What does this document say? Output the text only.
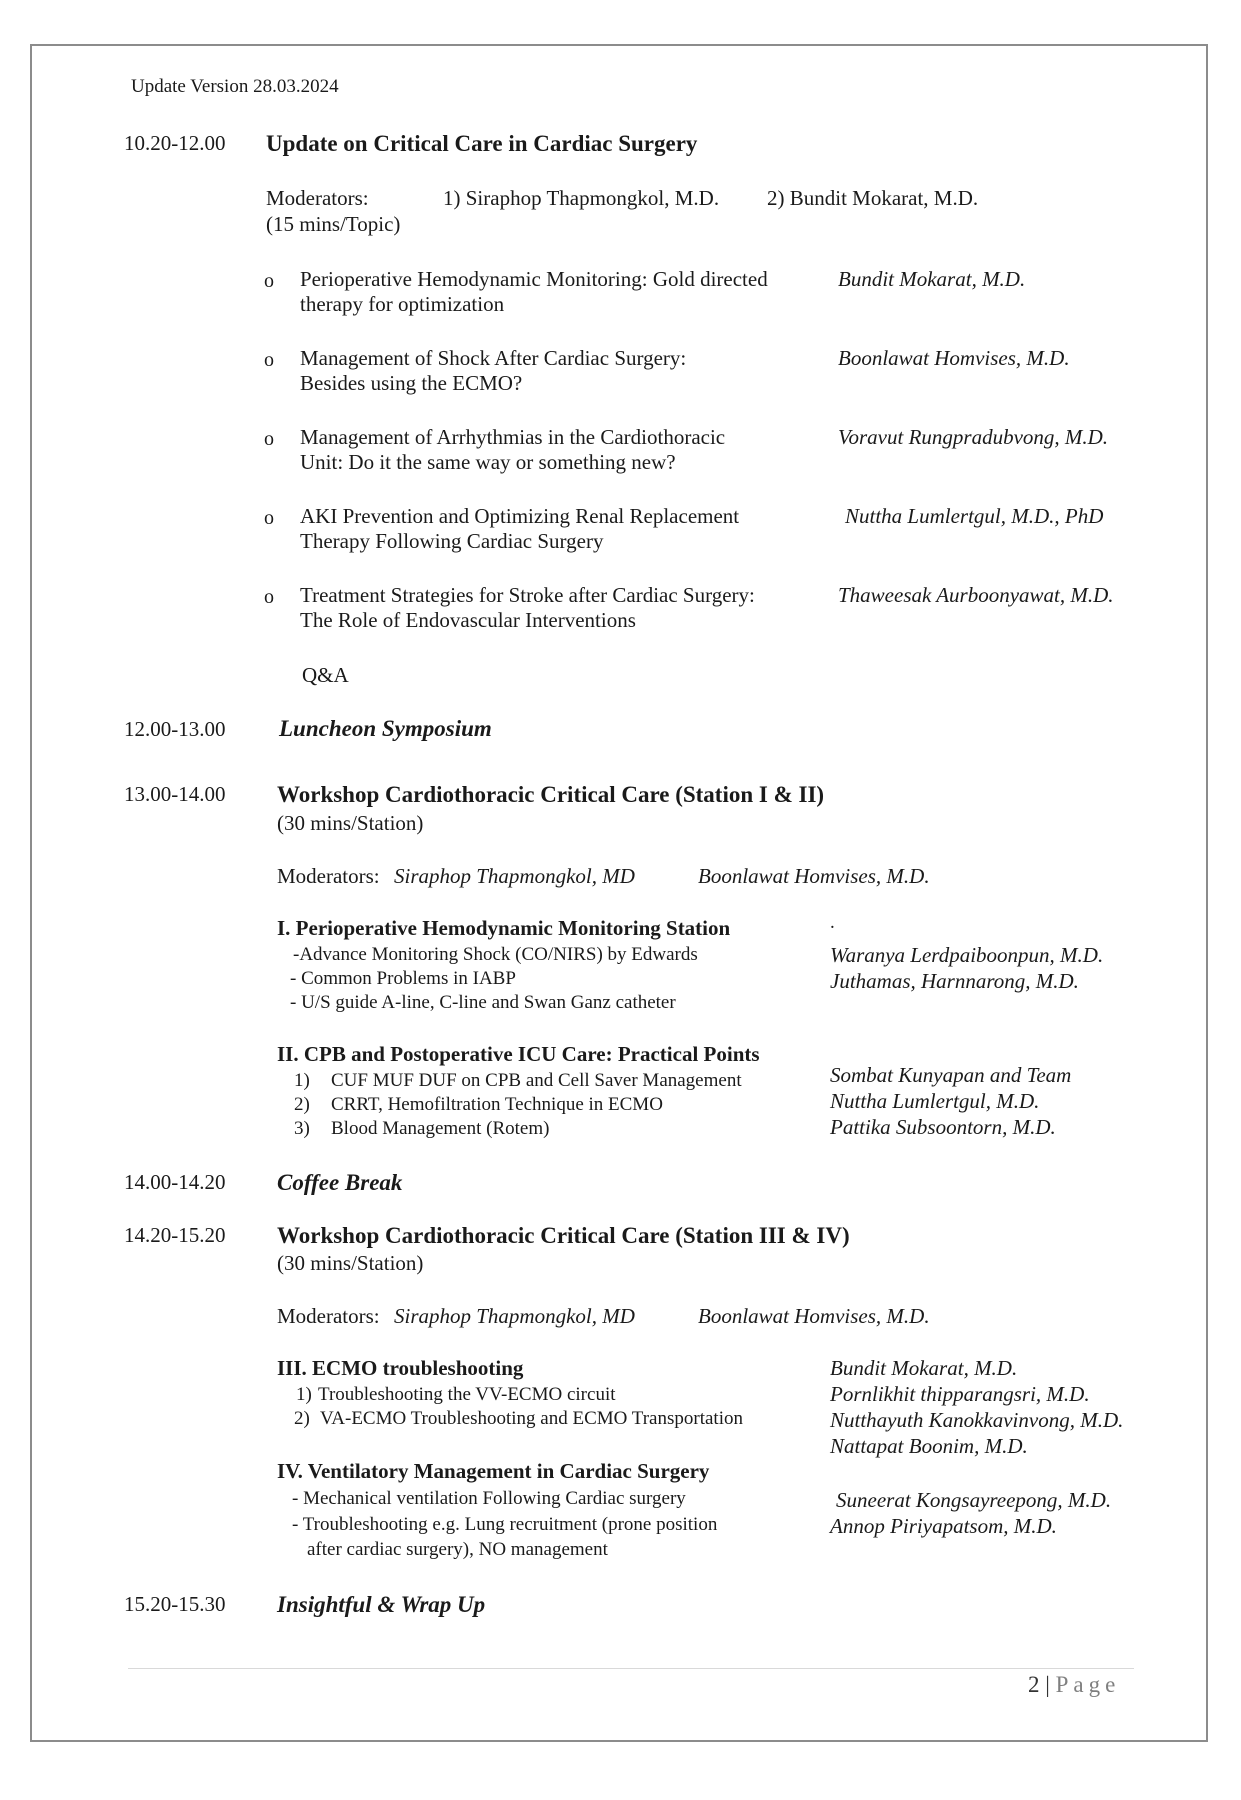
Update Version 28.03.2024
10.20-12.00 Update on Critical Care in Cardiac Surgery
Moderators:	1) Siraphop Thapmongkol, M.D. 2) Bundit Mokarat, M.D.
(15 mins/Topic)
o Perioperative Hemodynamic Monitoring: Gold directed
therapy for optimization
Bundit Mokarat, M.D.
o Management of Shock After Cardiac Surgery:
Besides using the ECMO?
Boonlawat Homvises, M.D.
o Management of Arrhythmias in the Cardiothoracic
Unit: Do it the same way or something new?
Voravut Rungpradubvong, M.D.
o AKI Prevention and Optimizing Renal Replacement
Therapy Following Cardiac Surgery
Nuttha Lumlertgul, M.D., PhD
o Treatment Strategies for Stroke after Cardiac Surgery:
The Role of Endovascular Interventions
Thaweesak Aurboonyawat, M.D.
Q&A
12.00-13.00 Luncheon Symposium
13.00-14.00 Workshop Cardiothoracic Critical Care (Station I & II)
(30 mins/Station)
Moderators: Siraphop Thapmongkol, MD	Boonlawat Homvises, M.D.
I. Perioperative Hemodynamic Monitoring Station	.
-Advance Monitoring Shock (CO/NIRS) by Edwards
- Common Problems in IABP
- U/S guide A-line, C-line and Swan Ganz catheter
Waranya Lerdpaiboonpun, M.D.
Juthamas, Harnnarong, M.D.
II. CPB and Postoperative ICU Care: Practical Points
1) CUF MUF DUF on CPB and Cell Saver Management
2) CRRT, Hemofiltration Technique in ECMO
3) Blood Management (Rotem)
Sombat Kunyapan and Team
Nuttha Lumlertgul, M.D.
Pattika Subsoontorn, M.D.
14.00-14.20 Coffee Break
14.20-15.20 Workshop Cardiothoracic Critical Care (Station III & IV)
(30 mins/Station)
Moderators: Siraphop Thapmongkol, MD	Boonlawat Homvises, M.D.
III. ECMO troubleshooting
1) Troubleshooting the VV-ECMO circuit
2) VA-ECMO Troubleshooting and ECMO Transportation
Bundit Mokarat, M.D.
Pornlikhit thipparangsri, M.D.
Nutthayuth Kanokkavinvong, M.D.
Nattapat Boonim, M.D.
IV. Ventilatory Management in Cardiac Surgery
- Mechanical ventilation Following Cardiac surgery
- Troubleshooting e.g. Lung recruitment (prone position
after cardiac surgery), NO management
Suneerat Kongsayreepong, M.D.
Annop Piriyapatsom, M.D.
15.20-15.30 Insightful & Wrap Up
2 | Page
